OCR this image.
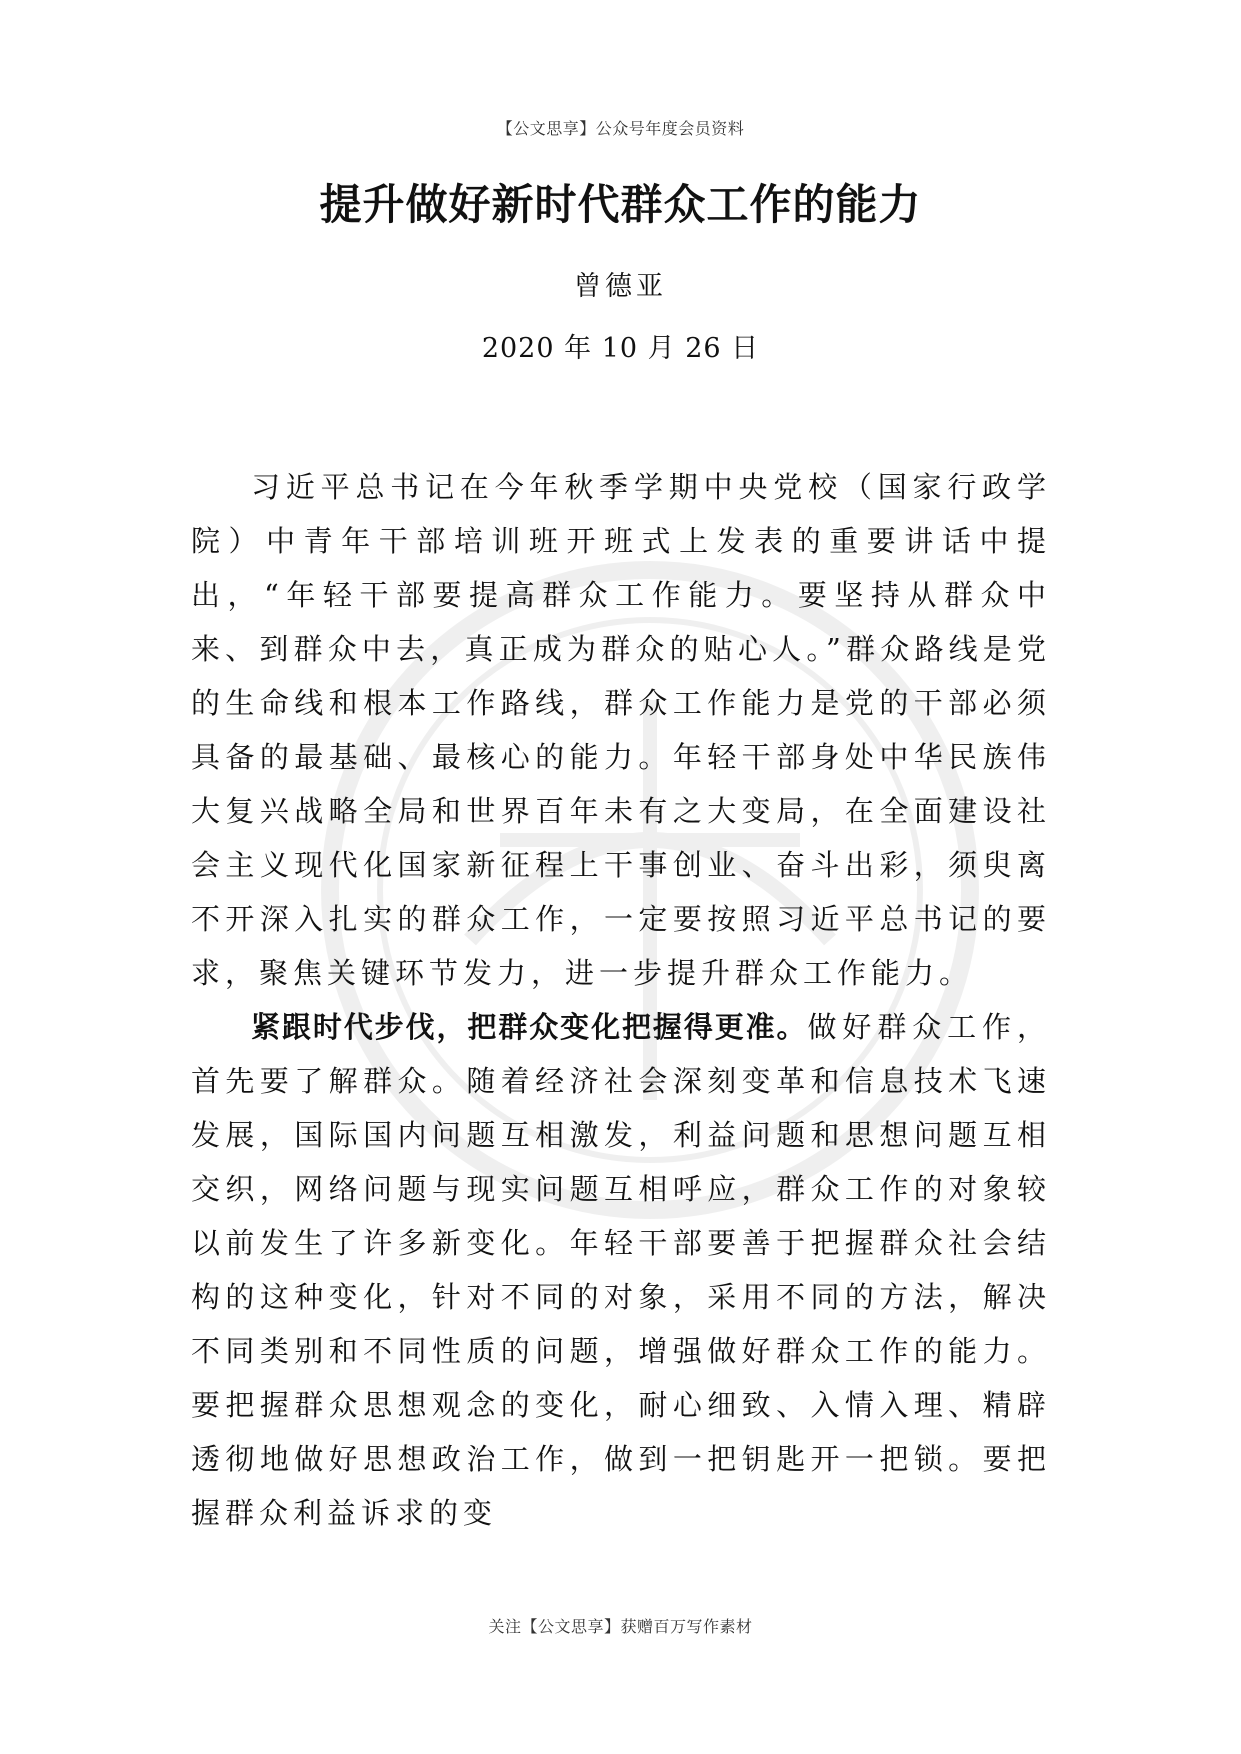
【公文思享】公众号年度会员资料
提升做好新时代群众工作的能力
曾德亚
2020 年 10 月 26 日

习近平总书记在今年秋季学期中央党校（国家行政学院）中青年干部培训班开班式上发表的重要讲话中提出，“年轻干部要提高群众工作能力。要坚持从群众中来、到群众中去，真正成为群众的贴心人。”群众路线是党的生命线和根本工作路线，群众工作能力是党的干部必须具备的最基础、最核心的能力。年轻干部身处中华民族伟大复兴战略全局和世界百年未有之大变局，在全面建设社会主义现代化国家新征程上干事创业、奋斗出彩，须臾离不开深入扎实的群众工作，一定要按照习近平总书记的要求，聚焦关键环节发力，进一步提升群众工作能力。

紧跟时代步伐，把群众变化把握得更准。做好群众工作，首先要了解群众。随着经济社会深刻变革和信息技术飞速发展，国际国内问题互相激发，利益问题和思想问题互相交织，网络问题与现实问题互相呼应，群众工作的对象较以前发生了许多新变化。年轻干部要善于把握群众社会结构的这种变化，针对不同的对象，采用不同的方法，解决不同类别和不同性质的问题，增强做好群众工作的能力。要把握群众思想观念的变化，耐心细致、入情入理、精辟透彻地做好思想政治工作，做到一把钥匙开一把锁。要把握群众利益诉求的变

关注【公文思享】获赠百万写作素材
